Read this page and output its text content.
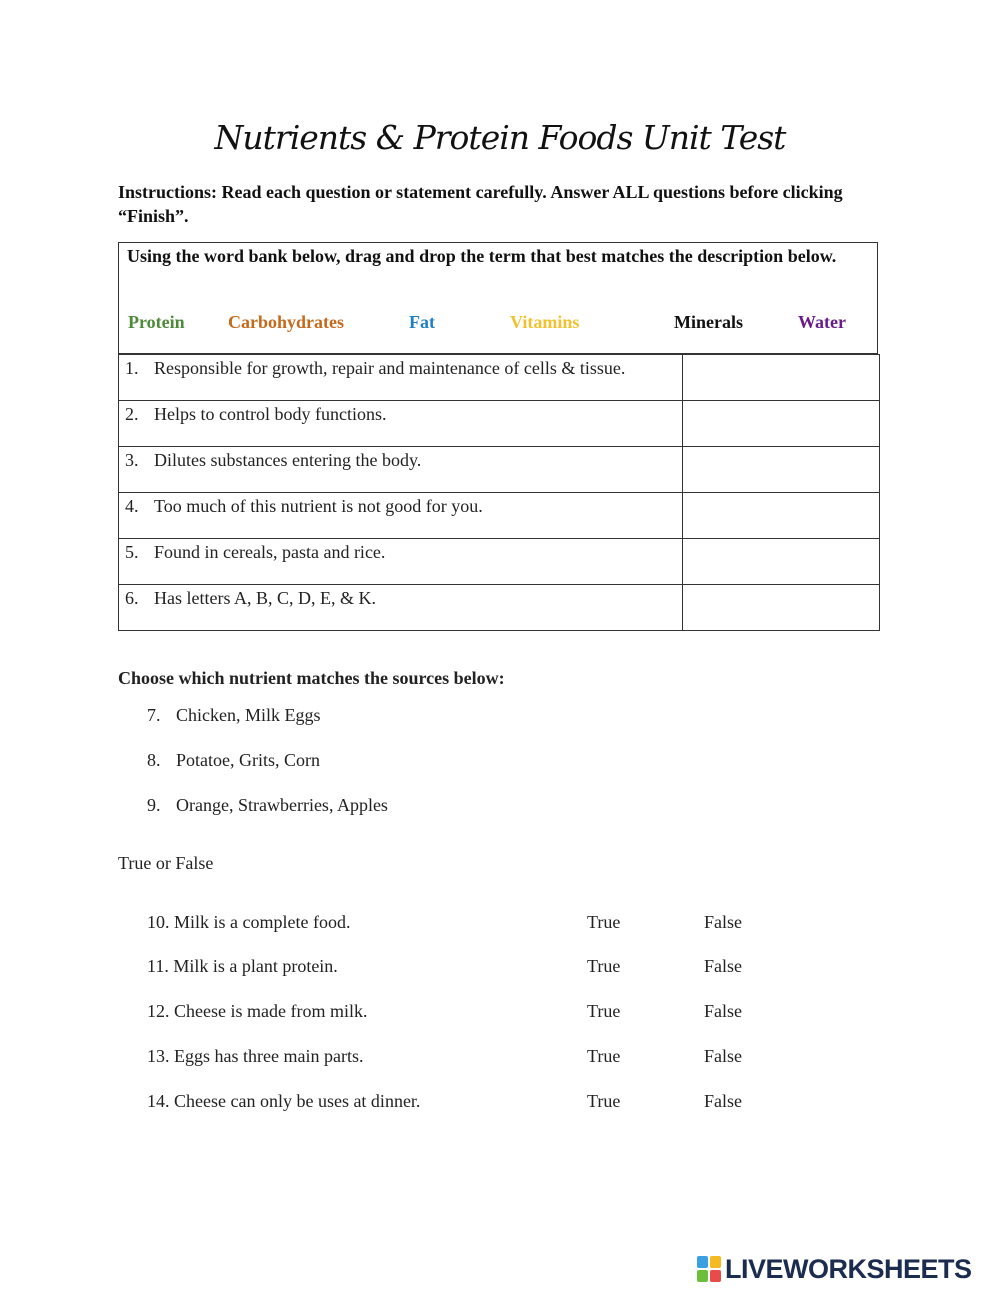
Nutrients & Protein Foods Unit Test
Instructions: Read each question or statement carefully. Answer ALL questions before clicking “Finish”.
Using the word bank below, drag and drop the term that best matches the description below.
Protein Carbohydrates	Fat	Vitamins	Minerals	Water
1. Responsible for growth, repair and maintenance of cells & tissue.	
2. Helps to control body functions.	
3. Dilutes substances entering the body.	
4. Too much of this nutrient is not good for you.	
5. Found in cereals, pasta and rice.	
6. Has letters A, B, C, D, E, & K.	
Choose which nutrient matches the sources below:
7. Chicken, Milk Eggs
8. Potatoe, Grits, Corn
9. Orange, Strawberries, Apples
True or False
10. Milk is a complete food.	True	False
11. Milk is a plant protein.	True	False
12. Cheese is made from milk.	True	False
13. Eggs has three main parts.	True	False
14. Cheese can only be uses at dinner.	True	False
LIVEWORKSHEETS
